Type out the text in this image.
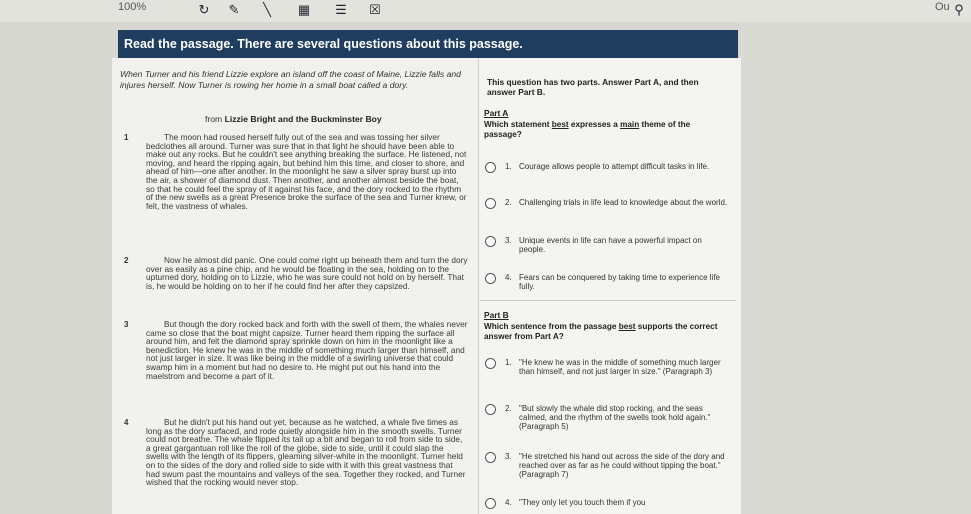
100%	↻ ✎	╲	▦ ☰ ☒	Ou ⚲
Read the passage. There are several questions about this passage.
When Turner and his friend Lizzie explore an island off the coast of Maine, Lizzie falls and injures herself. Now Turner is rowing her home in a small boat called a dory.
from Lizzie Bright and the Buckminster Boy
1	The moon had roused herself fully out of the sea and was tossing her silver bedclothes all around. Turner was sure that in that light he should have been able to make out any rocks. But he couldn't see anything breaking the surface. He listened, not moving, and heard the ripping again, but behind him this time, and closer to shore, and ahead of him—one after another. In the moonlight he saw a silver spray burst up into the air, a shower of diamond dust. Then another, and another almost beside the boat, so that he could feel the spray of it against his face, and the dory rocked to the rhythm of the new swells as a great Presence broke the surface of the sea and Turner knew, or felt, the vastness of whales.
2	Now he almost did panic. One could come right up beneath them and turn the dory over as easily as a pine chip, and he would be floating in the sea, holding on to the upturned dory, holding on to Lizzie, who he was sure could not hold on by herself. That is, he would be holding on to her if he could find her after they capsized.
3	But though the dory rocked back and forth with the swell of them, the whales never came so close that the boat might capsize. Turner heard them ripping the surface all around him, and felt the diamond spray sprinkle down on him in the moonlight like a benediction. He knew he was in the middle of something much larger than himself, and not just larger in size. It was like being in the middle of a swirling universe that could swamp him in a moment but had no desire to. He might put out his hand into the maelstrom and become a part of it.
4	But he didn't put his hand out yet, because as he watched, a whale five times as long as the dory surfaced, and rode quietly alongside him in the smooth swells. Turner could not breathe. The whale flipped its tail up a bit and began to roll from side to side, a great gargantuan roll like the roll of the globe, side to side, until it could slap the swells with the length of its flippers, gleaming silver-white in the moonlight. Turner held on to the sides of the dory and rolled side to side with it with this great vastness that had swum past the mountains and valleys of the sea. Together they rocked, and Turner wished that the rocking would never stop.
This question has two parts. Answer Part A, and then answer Part B.
Part A
Which statement best expresses a main theme of the passage?
1. Courage allows people to attempt difficult tasks in life.
2. Challenging trials in life lead to knowledge about the world.
3. Unique events in life can have a powerful impact on people.
4. Fears can be conquered by taking time to experience life fully.
Part B
Which sentence from the passage best supports the correct answer from Part A?
1. "He knew he was in the middle of something much larger than himself, and not just larger in size." (Paragraph 3)
2. "But slowly the whale did stop rocking, and the seas calmed, and the rhythm of the swells took hold again." (Paragraph 5)
3. "He stretched his hand out across the side of the dory and reached over as far as he could without tipping the boat." (Paragraph 7)
4. "They only let you touch them if you
